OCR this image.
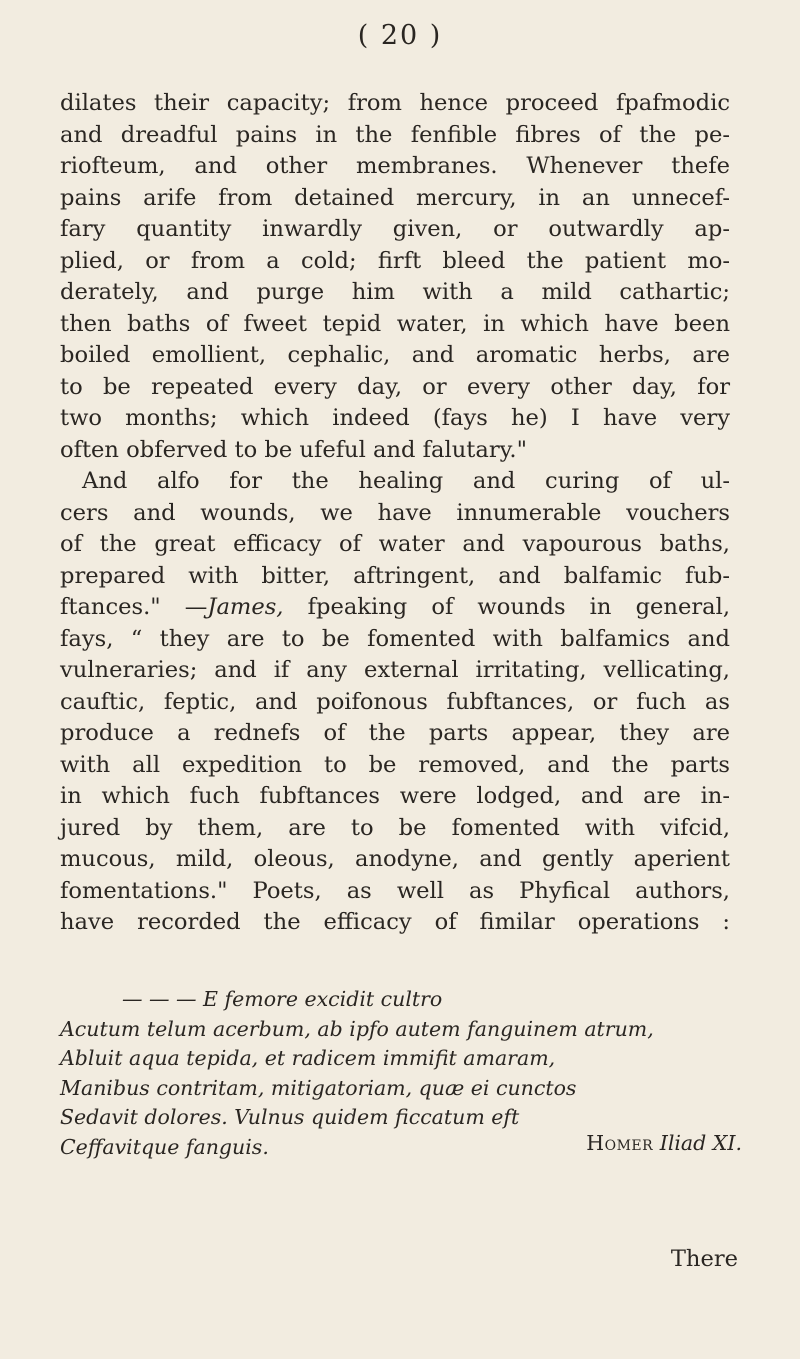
( 20 )
dilates their capacity; from hence proceed fpafmodic
and dreadful pains in the fenfible fibres of the pe-
riofteum, and other membranes. Whenever thefe
pains arife from detained mercury, in an unnecef-
fary quantity inwardly given, or outwardly ap-
plied, or from a cold; firft bleed the patient mo-
derately, and purge him with a mild cathartic;
then baths of fweet tepid water, in which have been
boiled emollient, cephalic, and aromatic herbs, are
to be repeated every day, or every other day, for
two months; which indeed (fays he) I have very
often obferved to be ufeful and falutary."
And alfo for the healing and curing of ul-
cers and wounds, we have innumerable vouchers
of the great efficacy of water and vapourous baths,
prepared with bitter, aftringent, and balfamic fub-
ftances." —James, fpeaking of wounds in general,
fays, “ they are to be fomented with balfamics and
vulneraries; and if any external irritating, vellicating,
cauftic, feptic, and poifonous fubftances, or fuch as
produce a rednefs of the parts appear, they are
with all expedition to be removed, and the parts
in which fuch fubftances were lodged, and are in-
jured by them, are to be fomented with vifcid,
mucous, mild, oleous, anodyne, and gently aperient
fomentations." Poets, as well as Phyfical authors,
have recorded the efficacy of fimilar operations :
— — — E femore excidit cultro
Acutum telum acerbum, ab ipfo autem fanguinem atrum,
Abluit aqua tepida, et radicem immifit amaram,
Manibus contritam, mitigatoriam, quæ ei cunctos
Sedavit dolores. Vulnus quidem ficcatum eft
Ceffavitque fanguis.	Homer Iliad XI.
There
